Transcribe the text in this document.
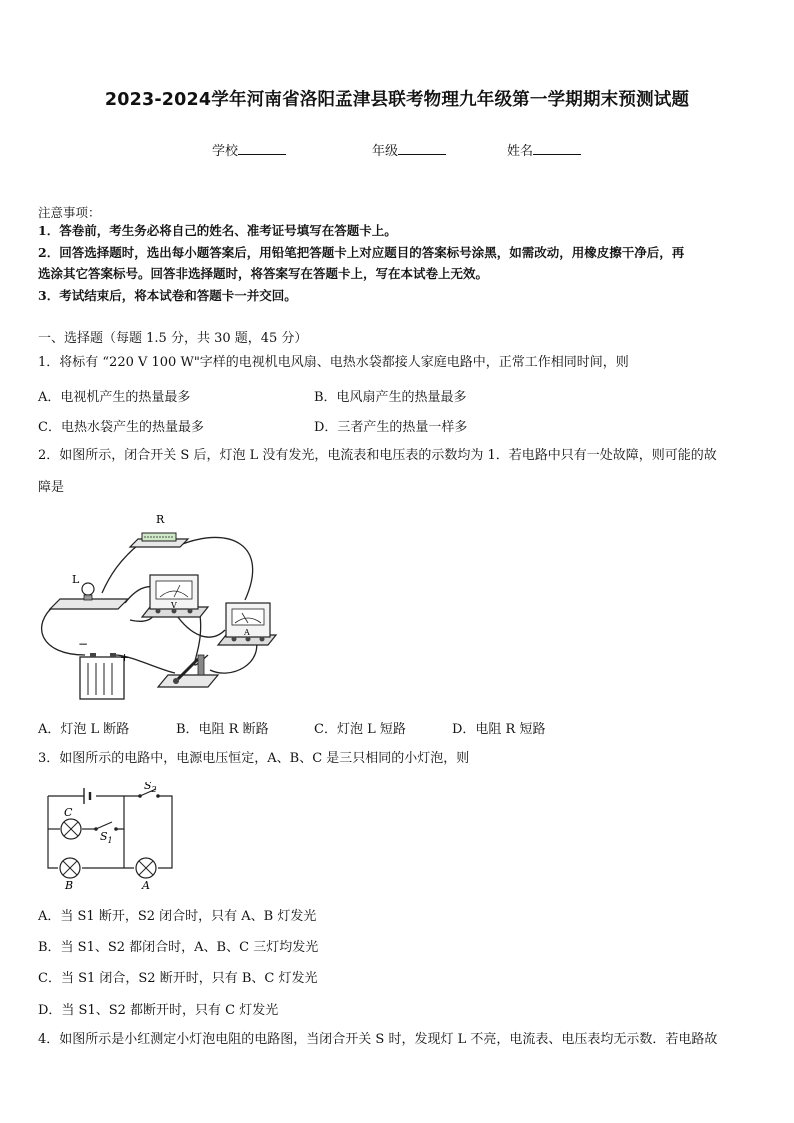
2023-2024学年河南省洛阳孟津县联考物理九年级第一学期期末预测试题
学校	年级	姓名
注意事项：
1．答卷前，考生务必将自己的姓名、准考证号填写在答题卡上。
2．回答选择题时，选出每小题答案后，用铅笔把答题卡上对应题目的答案标号涂黑，如需改动，用橡皮擦干净后，再
选涂其它答案标号。回答非选择题时，将答案写在答题卡上，写在本试卷上无效。
3．考试结束后，将本试卷和答题卡一并交回。
一、选择题（每题 1.5 分，共 30 题，45 分）
1．将标有 “220 V 100 W"字样的电视机电风扇、电热水袋都接人家庭电路中，正常工作相同时间，则
A．电视机产生的热量最多	B．电风扇产生的热量最多
C．电热水袋产生的热量最多	D．三者产生的热量一样多
2．如图所示，闭合开关 S 后，灯泡 L 没有发光，电流表和电压表的示数均为 1．若电路中只有一处故障，则可能的故
障是
R
L
V
A
−
+
A．灯泡 L 断路	B．电阻 R 断路	C．灯泡 L 短路	D．电阻 R 短路
3．如图所示的电路中，电源电压恒定，A、B、C 是三只相同的小灯泡，则
$S_2$
$S_1$
C
B	A
A．当 S1 断开，S2 闭合时，只有 A、B 灯发光
B．当 S1、S2 都闭合时，A、B、C 三灯均发光
C．当 S1 闭合，S2 断开时，只有 B、C 灯发光
D．当 S1、S2 都断开时，只有 C 灯发光
4．如图所示是小红测定小灯泡电阻的电路图，当闭合开关 S 时，发现灯 L 不亮，电流表、电压表均无示数．若电路故
